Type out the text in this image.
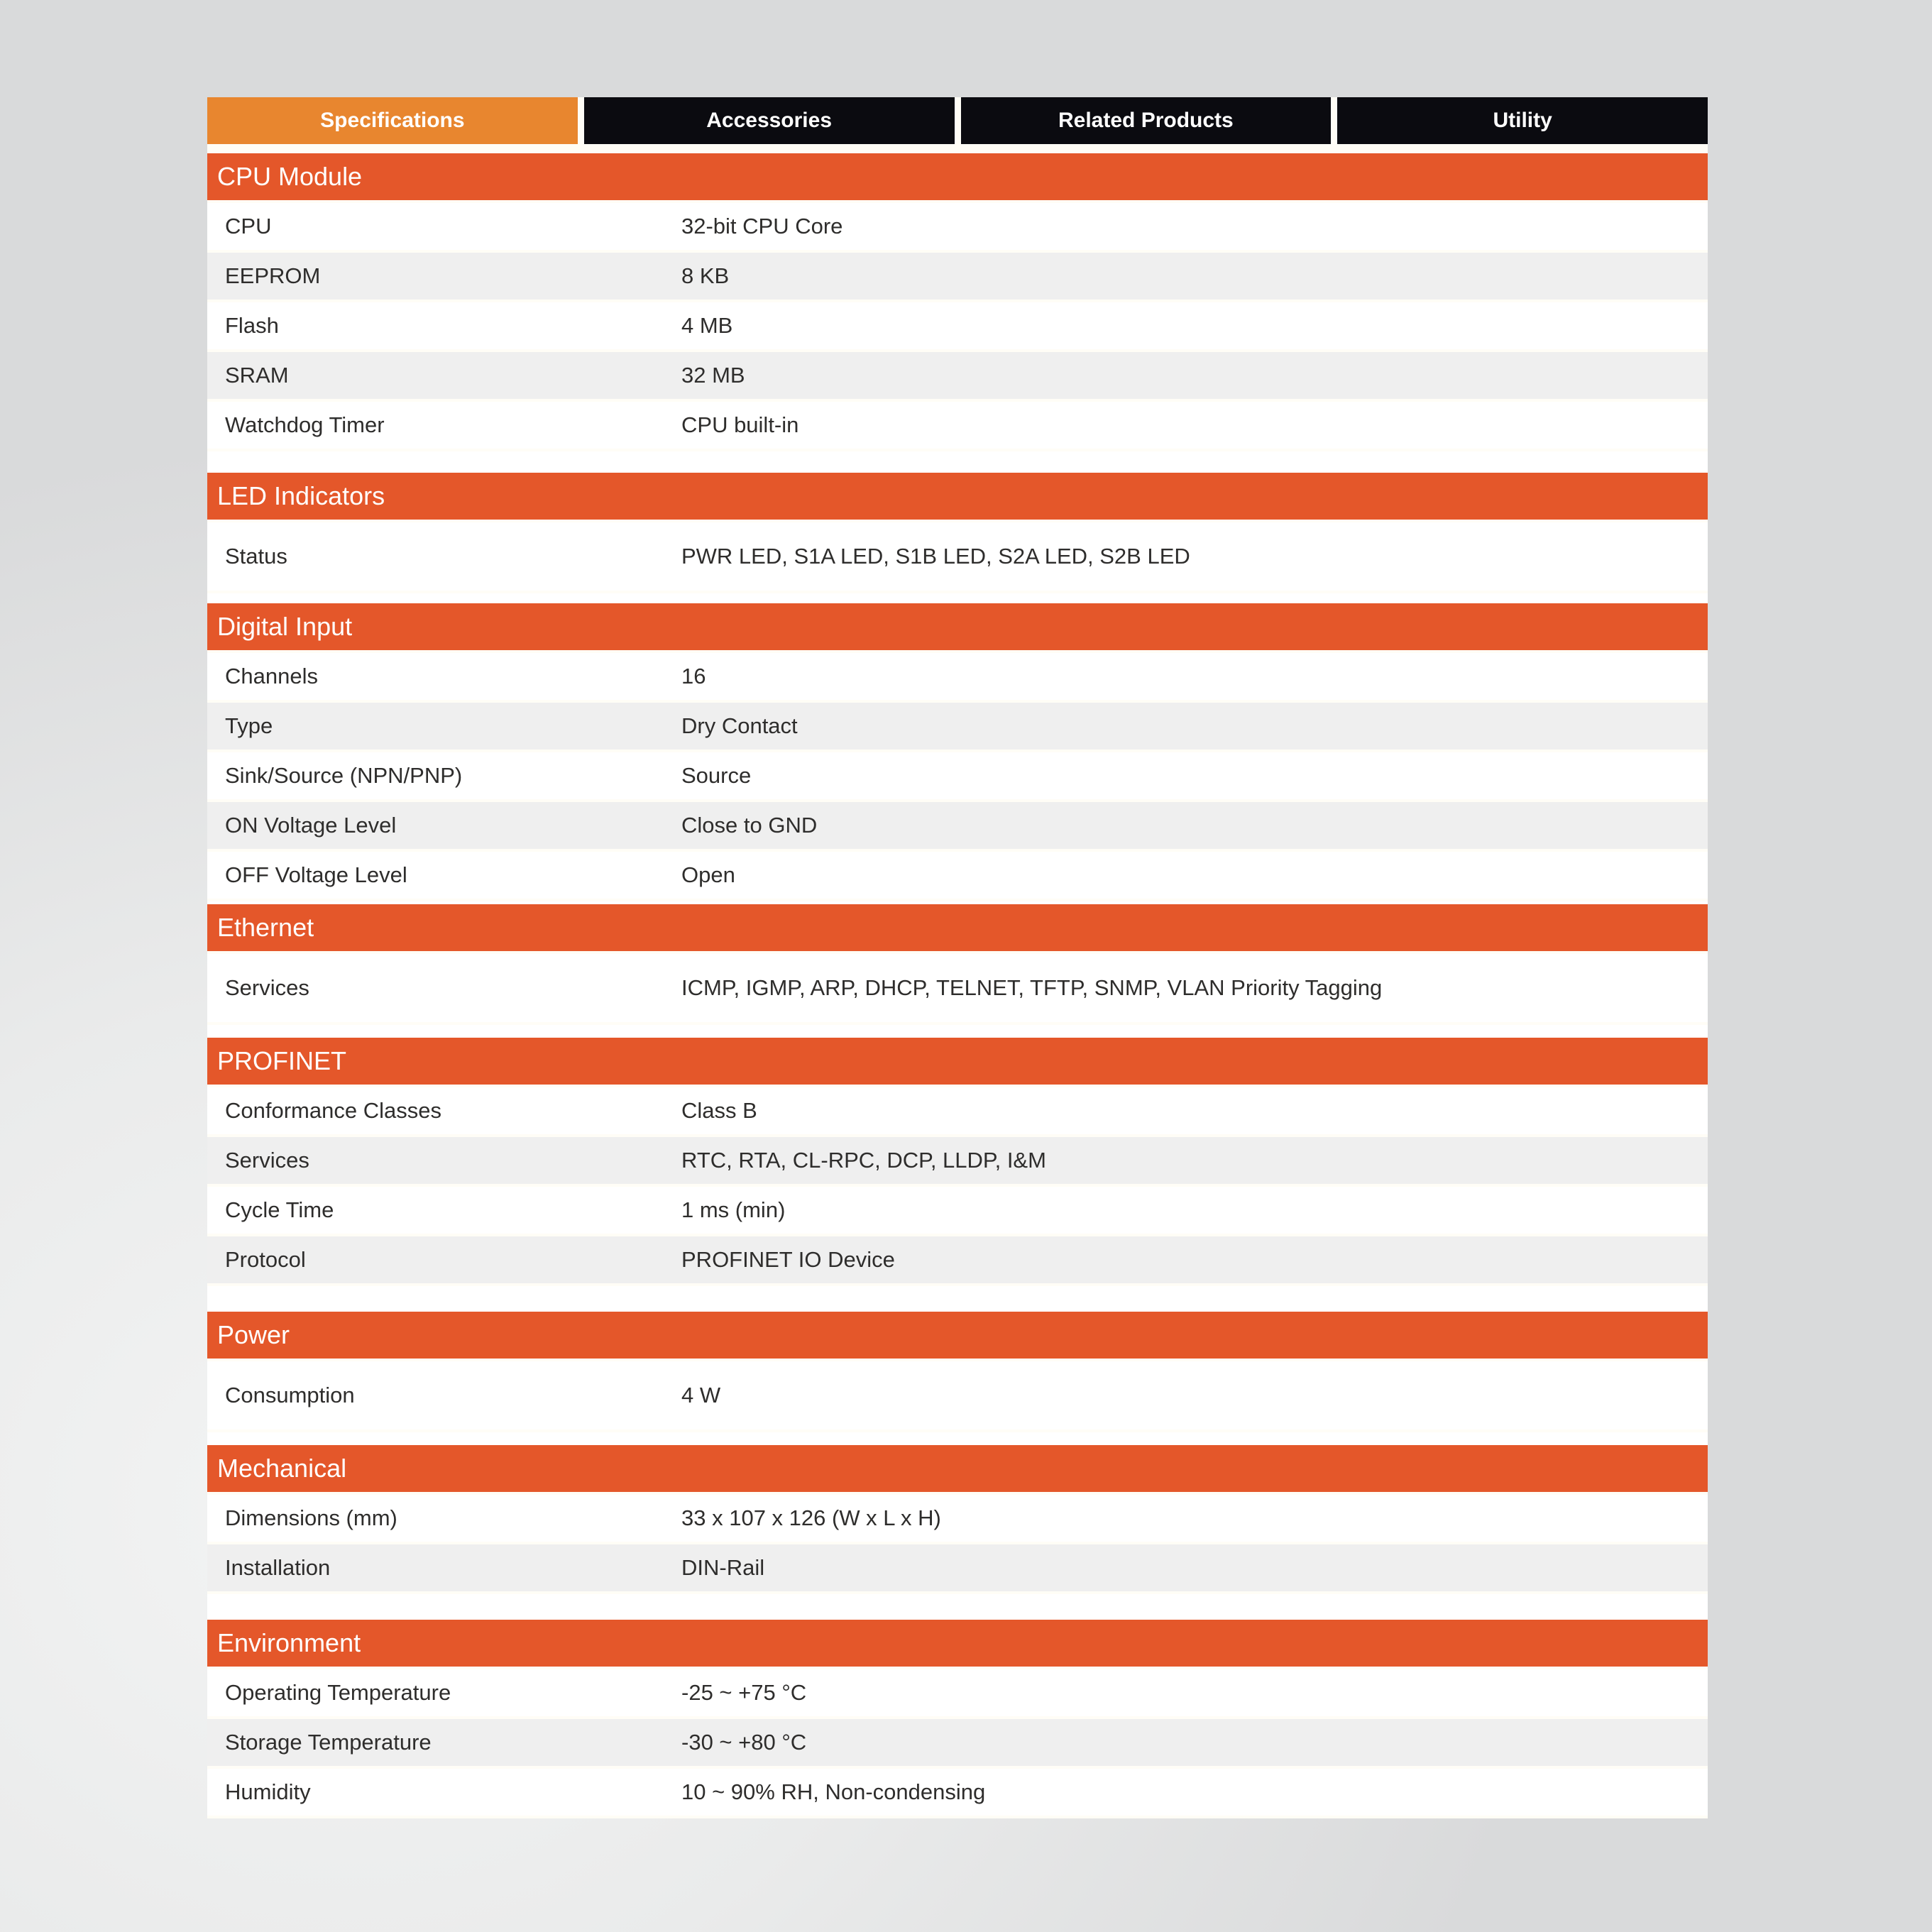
Specifications	Accessories	Related Products	Utility
CPU Module
CPU	32-bit CPU Core
EEPROM	8 KB
Flash	4 MB
SRAM	32 MB
Watchdog Timer	CPU built-in
LED Indicators
Status	PWR LED, S1A LED, S1B LED, S2A LED, S2B LED
Digital Input
Channels	16
Type	Dry Contact
Sink/Source (NPN/PNP)	Source
ON Voltage Level	Close to GND
OFF Voltage Level	Open
Ethernet
Services	ICMP, IGMP, ARP, DHCP, TELNET, TFTP, SNMP, VLAN Priority Tagging
PROFINET
Conformance Classes	Class B
Services	RTC, RTA, CL-RPC, DCP, LLDP, I&M
Cycle Time	1 ms (min)
Protocol	PROFINET IO Device
Power
Consumption	4 W
Mechanical
Dimensions (mm)	33 x 107 x 126 (W x L x H)
Installation	DIN-Rail
Environment
Operating Temperature	-25 ~ +75 °C
Storage Temperature	-30 ~ +80 °C
Humidity	10 ~ 90% RH, Non-condensing
